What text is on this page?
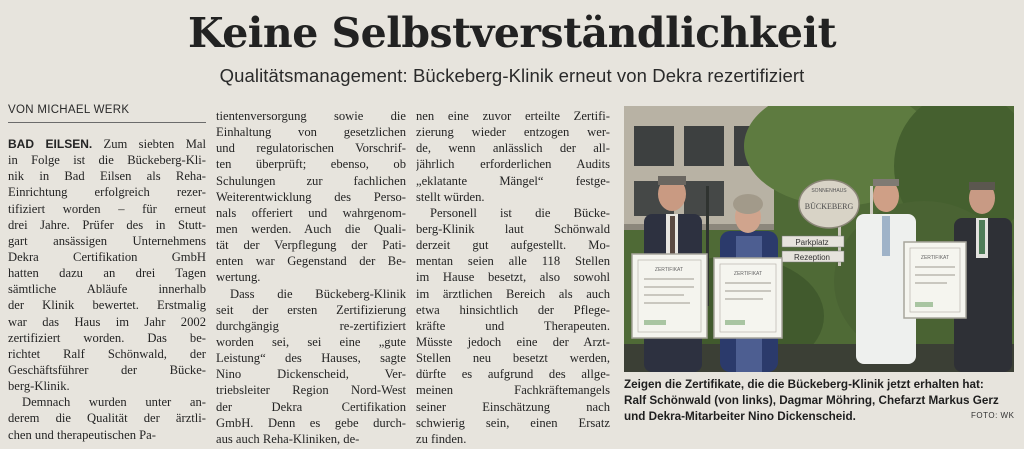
Keine Selbstverständlichkeit
Qualitätsmanagement: Bückeberg-Klinik erneut von Dekra rezertifiziert
VON MICHAEL WERK
BAD EILSEN. Zum siebten Mal
in Folge ist die Bückeberg-Kli-
nik in Bad Eilsen als Reha-
Einrichtung erfolgreich rezer-
tifiziert worden – für erneut
drei Jahre. Prüfer des in Stutt-
gart ansässigen Unternehmens
Dekra Certifikation GmbH
hatten dazu an drei Tagen
sämtliche Abläufe innerhalb
der Klinik bewertet. Erstmalig
war das Haus im Jahr 2002
zertifiziert worden. Das be-
richtet Ralf Schönwald, der
Geschäftsführer der Bücke-
berg-Klinik.
Demnach wurden unter an-
derem die Qualität der ärztli-
chen und therapeutischen Pa-
tientenversorgung sowie die
Einhaltung von gesetzlichen
und regulatorischen Vorschrif-
ten überprüft; ebenso, ob
Schulungen zur fachlichen
Weiterentwicklung des Perso-
nals offeriert und wahrgenom-
men werden. Auch die Quali-
tät der Verpflegung der Pati-
enten war Gegenstand der Be-
wertung.
Dass die Bückeberg-Klinik
seit der ersten Zertifizierung
durchgängig re-zertifiziert
worden sei, sei eine „gute
Leistung“ des Hauses, sagte
Nino Dickenscheid, Ver-
triebsleiter Region Nord-West
der Dekra Certifikation
GmbH. Denn es gebe durch-
aus auch Reha-Kliniken, de-
nen eine zuvor erteilte Zertifi-
zierung wieder entzogen wer-
de, wenn anlässlich der all-
jährlich erforderlichen Audits
„eklatante Mängel“ festge-
stellt würden.
Personell ist die Bücke-
berg-Klinik laut Schönwald
derzeit gut aufgestellt. Mo-
mentan seien alle 118 Stellen
im Hause besetzt, also sowohl
im ärztlichen Bereich als auch
etwa hinsichtlich der Pflege-
kräfte und Therapeuten.
Müsste jedoch eine der Arzt-
Stellen neu besetzt werden,
dürfte es aufgrund des allge-
meinen Fachkräftemangels
seiner Einschätzung nach
schwierig sein, einen Ersatz
zu finden.
SONNENHAUS
BÜCKEBERG
Parkplatz
Rezeption
ZERTIFIKAT
ZERTIFIKAT
ZERTIFIKAT
Zeigen die Zertifikate, die die Bückeberg-Klinik jetzt erhalten hat:
Ralf Schönwald (von links), Dagmar Möhring, Chefarzt Markus Gerz
und Dekra-Mitarbeiter Nino Dickenscheid.	FOTO: WK
